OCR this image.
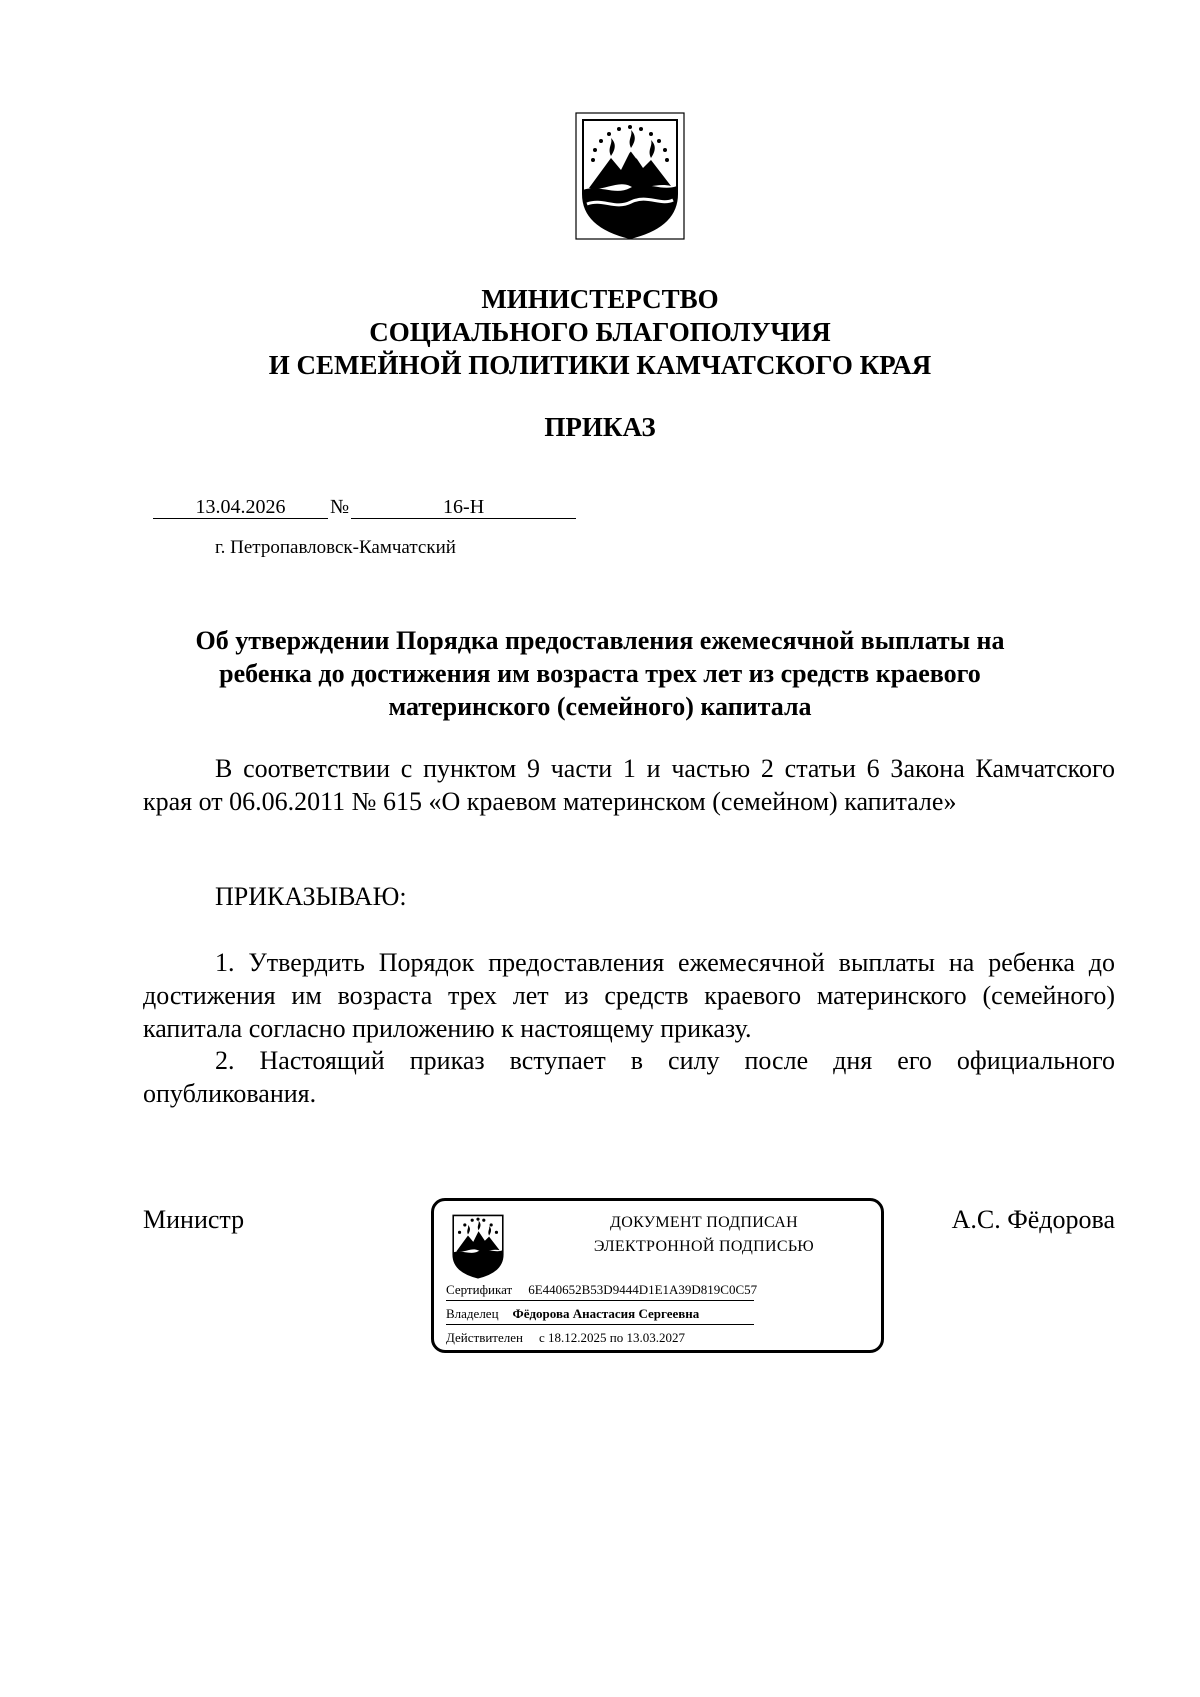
МИНИСТЕРСТВО
СОЦИАЛЬНОГО БЛАГОПОЛУЧИЯ
И СЕМЕЙНОЙ ПОЛИТИКИ КАМЧАТСКОГО КРАЯ
ПРИКАЗ
13.04.2026 №	16-Н
г. Петропавловск-Камчатский
Об утверждении Порядка предоставления ежемесячной выплаты на
ребенка до достижения им возраста трех лет из средств краевого
материнского (семейного) капитала

В соответствии с пунктом 9 части 1 и частью 2 статьи 6 Закона Камчатского края от 06.06.2011 № 615 «О краевом материнском (семейном) капитале»

ПРИКАЗЫВАЮ:

1. Утвердить Порядок предоставления ежемесячной выплаты на ребенка до достижения им возраста трех лет из средств краевого материнского (семейного) капитала согласно приложению к настоящему приказу.

2. Настоящий приказ вступает в силу после дня его официального опубликования.

Министр	ДОКУМЕНТ ПОДПИСАН
ЭЛЕКТРОННОЙ ПОДПИСЬЮ
Сертификат 6E440652B53D9444D1E1A39D819C0C57
Владелец Фёдорова Анастасия Сергеевна
Действителен с 18.12.2025 по 13.03.2027
А.С. Фёдорова
